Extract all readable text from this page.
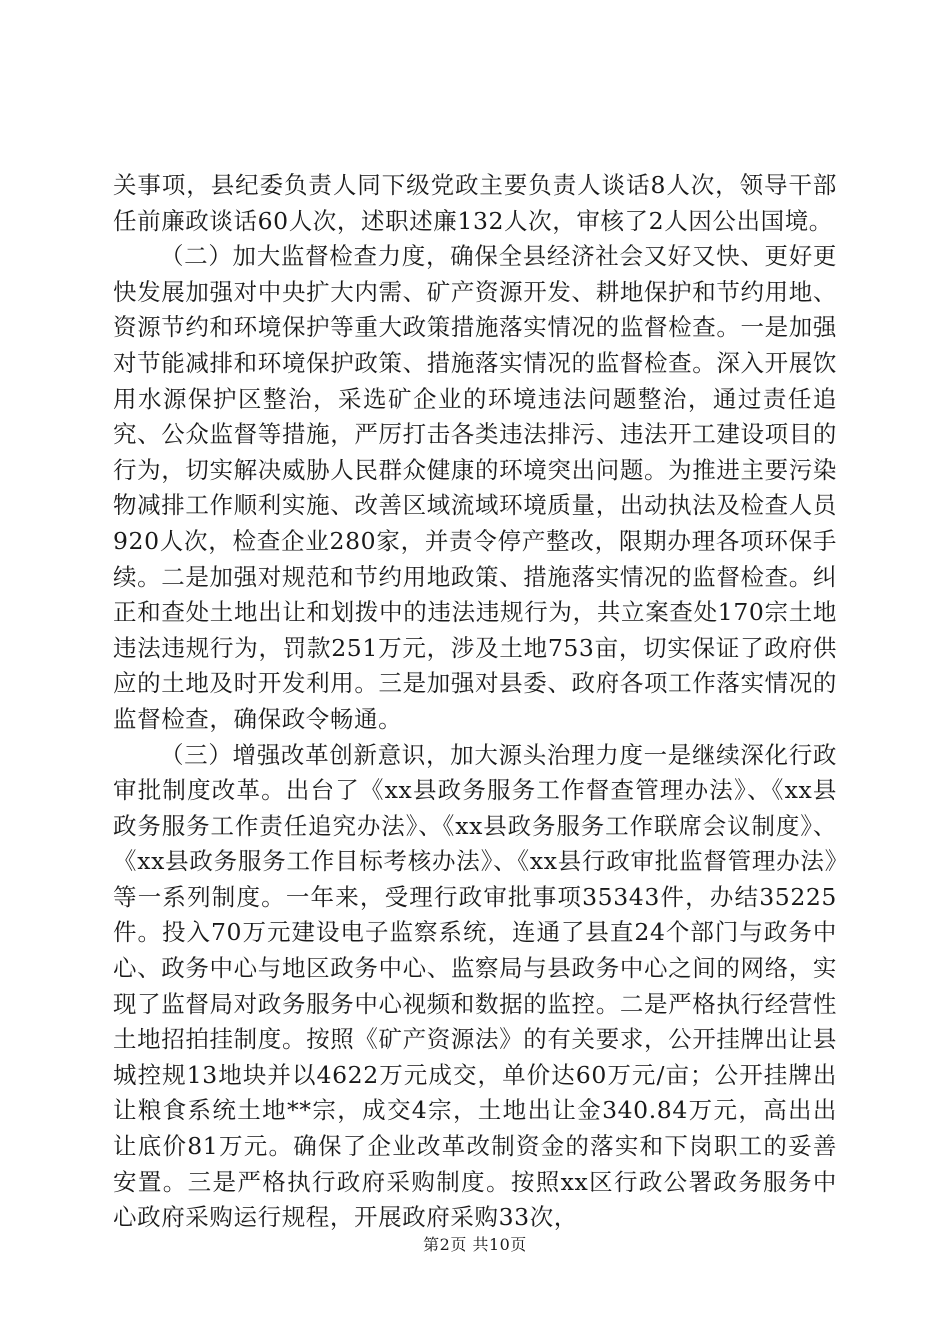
关事项，县纪委负责人同下级党政主要负责人谈话8人次，领导干部任前廉政谈话60人次，述职述廉132人次，审核了2人因公出国境。

（二）加大监督检查力度，确保全县经济社会又好又快、更好更快发展加强对中央扩大内需、矿产资源开发、耕地保护和节约用地、资源节约和环境保护等重大政策措施落实情况的监督检查。一是加强对节能减排和环境保护政策、措施落实情况的监督检查。深入开展饮用水源保护区整治，采选矿企业的环境违法问题整治，通过责任追究、公众监督等措施，严厉打击各类违法排污、违法开工建设项目的行为，切实解决威胁人民群众健康的环境突出问题。为推进主要污染物减排工作顺利实施、改善区域流域环境质量，出动执法及检查人员920人次，检查企业280家，并责令停产整改，限期办理各项环保手续。二是加强对规范和节约用地政策、措施落实情况的监督检查。纠正和查处土地出让和划拨中的违法违规行为，共立案查处170宗土地违法违规行为，罚款251万元，涉及土地753亩，切实保证了政府供应的土地及时开发利用。三是加强对县委、政府各项工作落实情况的监督检查，确保政令畅通。

（三）增强改革创新意识，加大源头治理力度一是继续深化行政审批制度改革。出台了《xx县政务服务工作督查管理办法》、《xx县政务服务工作责任追究办法》、《xx县政务服务工作联席会议制度》、《xx县政务服务工作目标考核办法》、《xx县行政审批监督管理办法》等一系列制度。一年来，受理行政审批事项35343件，办结35225件。投入70万元建设电子监察系统，连通了县直24个部门与政务中心、政务中心与地区政务中心、监察局与县政务中心之间的网络，实现了监督局对政务服务中心视频和数据的监控。二是严格执行经营性土地招拍挂制度。按照《矿产资源法》的有关要求，公开挂牌出让县城控规13地块并以4622万元成交，单价达60万元/亩；公开挂牌出让粮食系统土地**宗，成交4宗，土地出让金340.84万元，高出出让底价81万元。确保了企业改革改制资金的落实和下岗职工的妥善安置。三是严格执行政府采购制度。按照xx区行政公署政务服务中心政府采购运行规程，开展政府采购33次，

第2页 共10页
